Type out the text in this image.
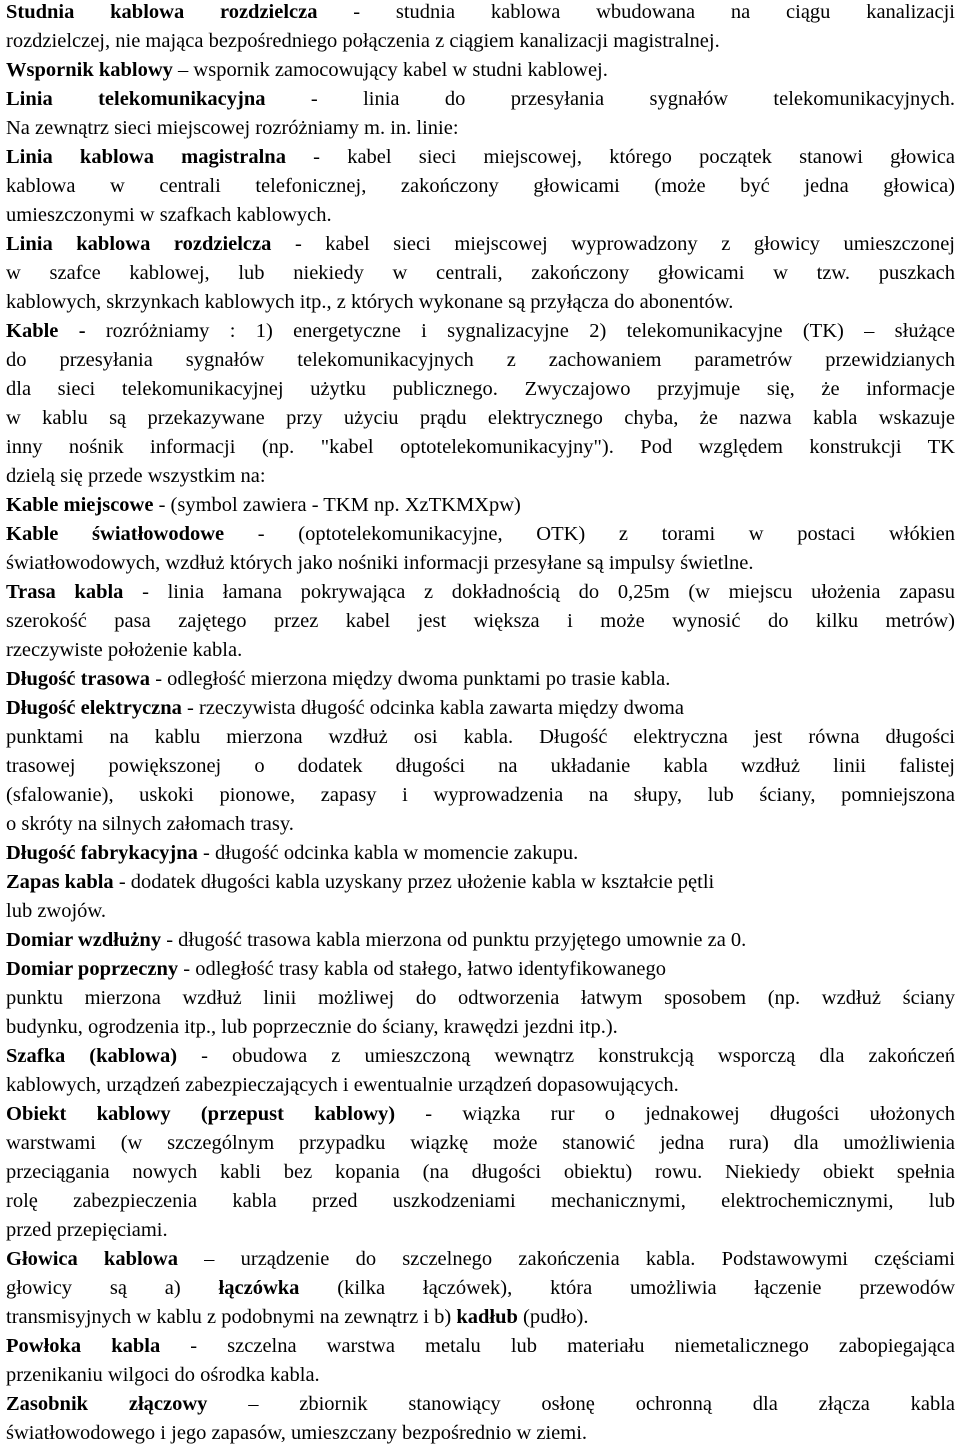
Studnia kablowa rozdzielcza - studnia kablowa wbudowana na ciągu kanalizacji
rozdzielczej, nie mająca bezpośredniego połączenia z ciągiem kanalizacji magistralnej.
Wspornik kablowy – wspornik zamocowujący kabel w studni kablowej.
Linia telekomunikacyjna - linia do przesyłania sygnałów telekomunikacyjnych.
Na zewnątrz sieci miejscowej rozróżniamy m. in. linie:
Linia kablowa magistralna - kabel sieci miejscowej, którego początek stanowi głowica
kablowa w centrali telefonicznej, zakończony głowicami (może być jedna głowica)
umieszczonymi w szafkach kablowych.
Linia kablowa rozdzielcza - kabel sieci miejscowej wyprowadzony z głowicy umieszczonej
w szafce kablowej, lub niekiedy w centrali, zakończony głowicami w tzw. puszkach
kablowych, skrzynkach kablowych itp., z których wykonane są przyłącza do abonentów.
Kable - rozróżniamy : 1) energetyczne i sygnalizacyjne 2) telekomunikacyjne (TK) – służące
do przesyłania sygnałów telekomunikacyjnych z zachowaniem parametrów przewidzianych
dla sieci telekomunikacyjnej użytku publicznego. Zwyczajowo przyjmuje się, że informacje
w kablu są przekazywane przy użyciu prądu elektrycznego chyba, że nazwa kabla wskazuje
inny nośnik informacji (np. "kabel optotelekomunikacyjny"). Pod względem konstrukcji TK
dzielą się przede wszystkim na:
Kable miejscowe - (symbol zawiera - TKM np. XzTKMXpw)
Kable światłowodowe - (optotelekomunikacyjne, OTK) z torami w postaci włókien
światłowodowych, wzdłuż których jako nośniki informacji przesyłane są impulsy świetlne.
Trasa kabla - linia łamana pokrywająca z dokładnością do 0,25m (w miejscu ułożenia zapasu
szerokość pasa zajętego przez kabel jest większa i może wynosić do kilku metrów)
rzeczywiste położenie kabla.
Długość trasowa - odległość mierzona między dwoma punktami po trasie kabla.
Długość elektryczna - rzeczywista długość odcinka kabla zawarta między dwoma
punktami na kablu mierzona wzdłuż osi kabla. Długość elektryczna jest równa długości
trasowej powiększonej o dodatek długości na układanie kabla wzdłuż linii falistej
(sfalowanie), uskoki pionowe, zapasy i wyprowadzenia na słupy, lub ściany, pomniejszona
o skróty na silnych załomach trasy.
Długość fabrykacyjna - długość odcinka kabla w momencie zakupu.
Zapas kabla - dodatek długości kabla uzyskany przez ułożenie kabla w kształcie pętli
lub zwojów.
Domiar wzdłużny - długość trasowa kabla mierzona od punktu przyjętego umownie za 0.
Domiar poprzeczny - odległość trasy kabla od stałego, łatwo identyfikowanego
punktu mierzona wzdłuż linii możliwej do odtworzenia łatwym sposobem (np. wzdłuż ściany
budynku, ogrodzenia itp., lub poprzecznie do ściany, krawędzi jezdni itp.).
Szafka (kablowa) - obudowa z umieszczoną wewnątrz konstrukcją wsporczą dla zakończeń
kablowych, urządzeń zabezpieczających i ewentualnie urządzeń dopasowujących.
Obiekt kablowy (przepust kablowy) - wiązka rur o jednakowej długości ułożonych
warstwami (w szczególnym przypadku wiązkę może stanowić jedna rura) dla umożliwienia
przeciągania nowych kabli bez kopania (na długości obiektu) rowu. Niekiedy obiekt spełnia
rolę zabezpieczenia kabla przed uszkodzeniami mechanicznymi, elektrochemicznymi, lub
przed przepięciami.
Głowica kablowa – urządzenie do szczelnego zakończenia kabla. Podstawowymi częściami
głowicy są a) łączówka (kilka łączówek), która umożliwia łączenie przewodów
transmisyjnych w kablu z podobnymi na zewnątrz i b) kadłub (pudło).
Powłoka kabla - szczelna warstwa metalu lub materiału niemetalicznego zabopiegająca
przenikaniu wilgoci do ośrodka kabla.
Zasobnik złączowy – zbiornik stanowiący osłonę ochronną dla złącza kabla
światłowodowego i jego zapasów, umieszczany bezpośrednio w ziemi.
